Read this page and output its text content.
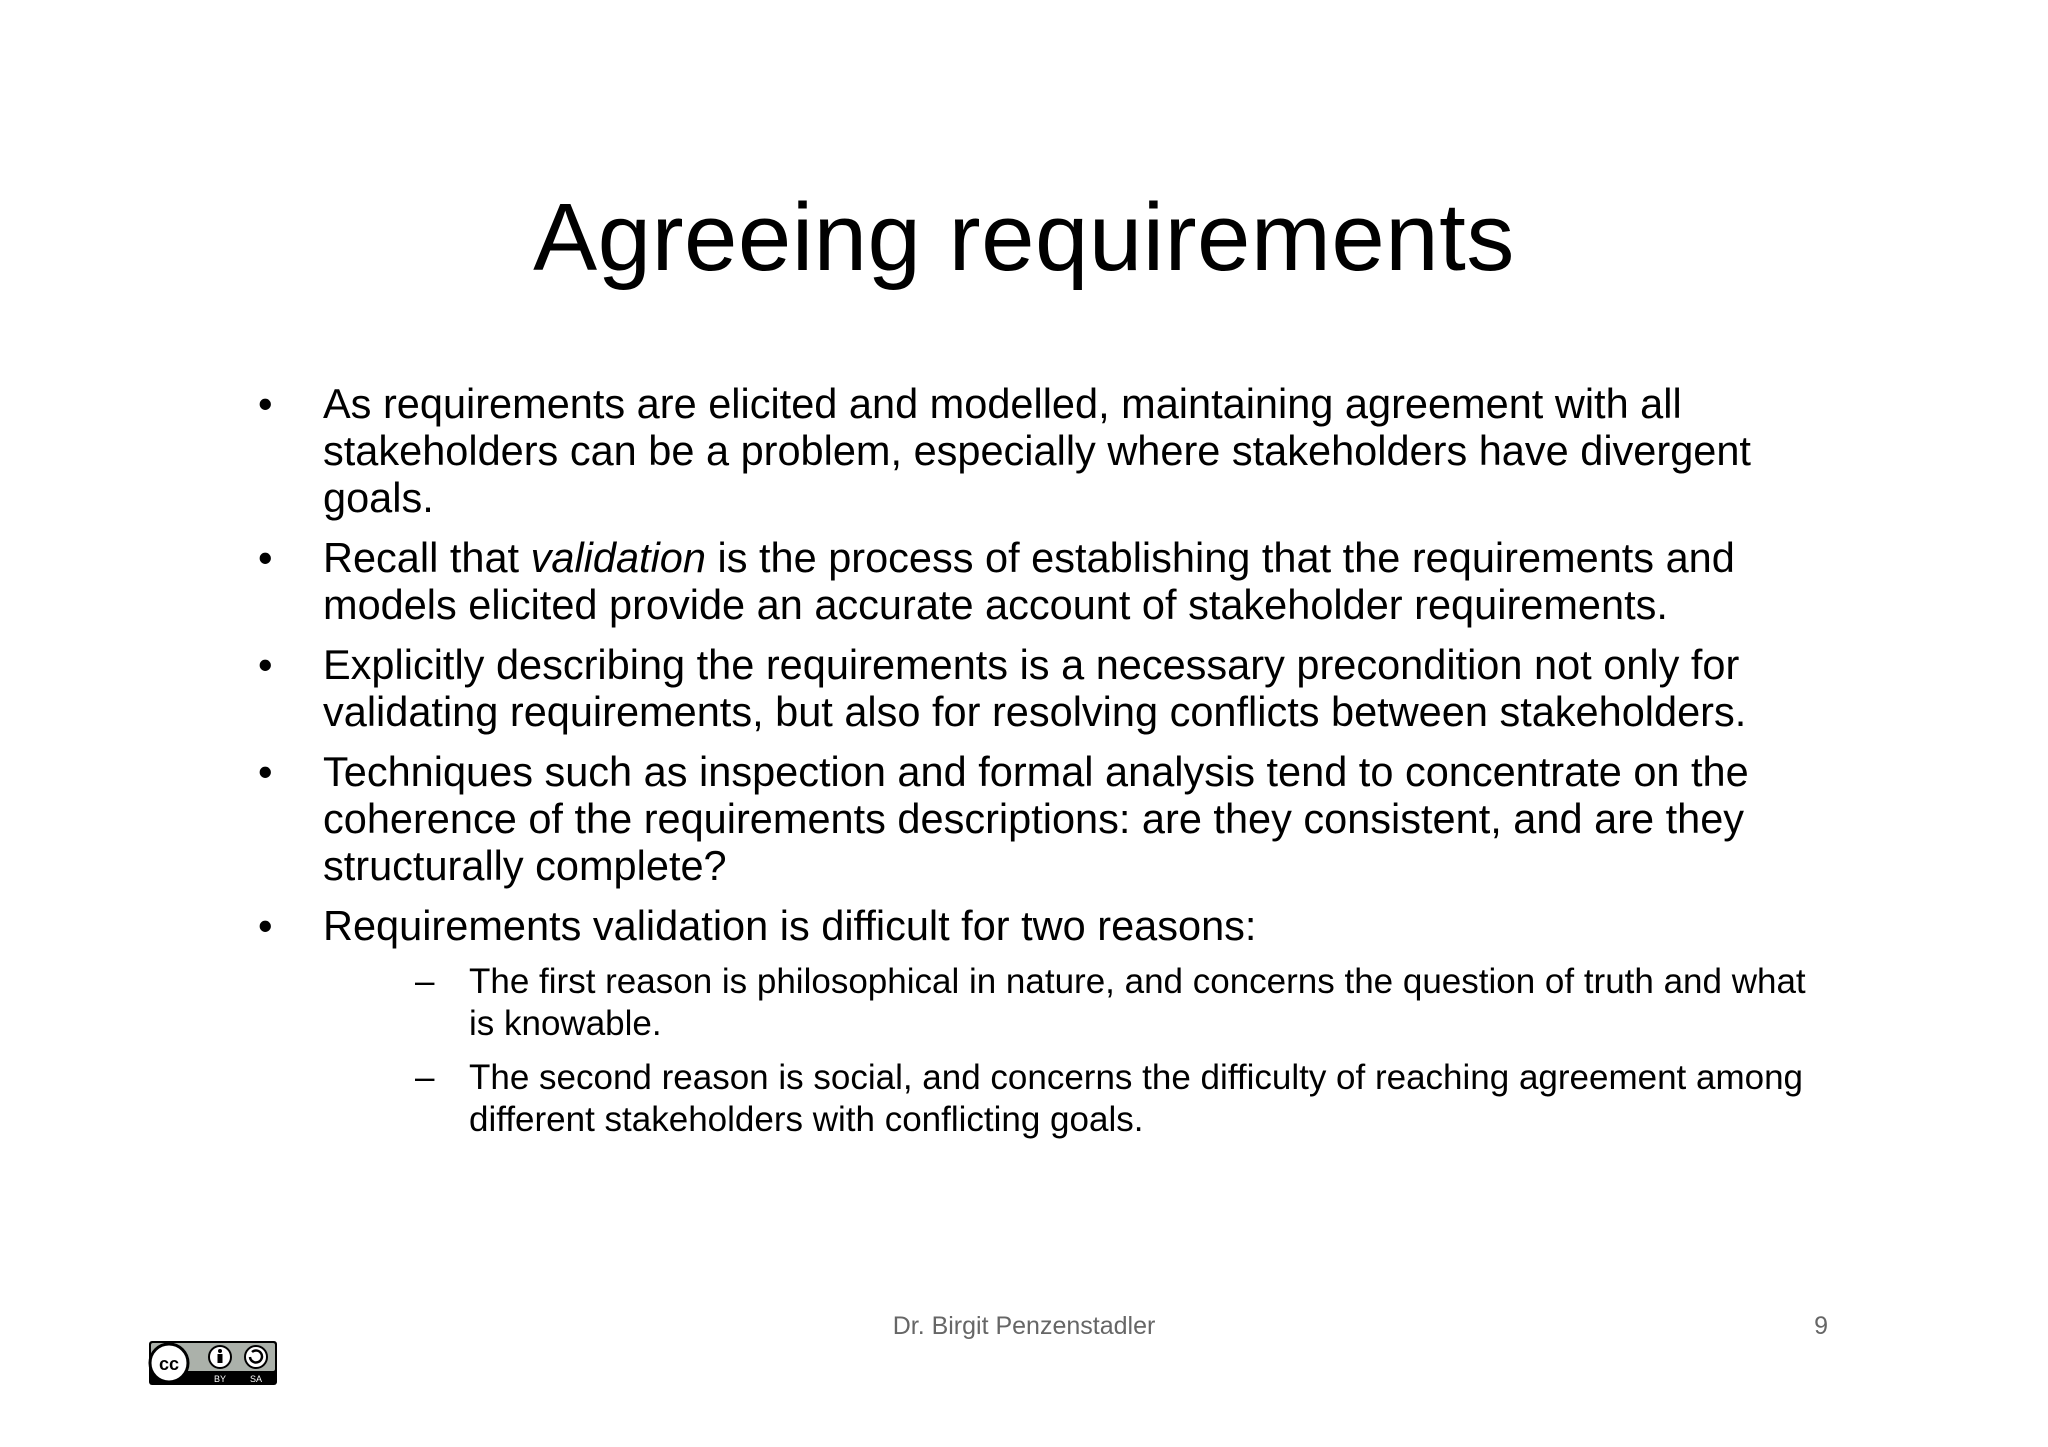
Agreeing requirements
• As requirements are elicited and modelled, maintaining agreement with all stakeholders can be a problem, especially where stakeholders have divergent goals.
• Recall that validation is the process of establishing that the requirements and models elicited provide an accurate account of stakeholder requirements.
• Explicitly describing the requirements is a necessary precondition not only for validating requirements, but also for resolving conflicts between stakeholders.
• Techniques such as inspection and formal analysis tend to concentrate on the coherence of the requirements descriptions: are they consistent, and are they structurally complete?
• Requirements validation is difficult for two reasons:
– The first reason is philosophical in nature, and concerns the question of truth and what is knowable.
– The second reason is social, and concerns the difficulty of reaching agreement among different stakeholders with conflicting goals.
Dr. Birgit Penzenstadler	9
cc
BY	SA
